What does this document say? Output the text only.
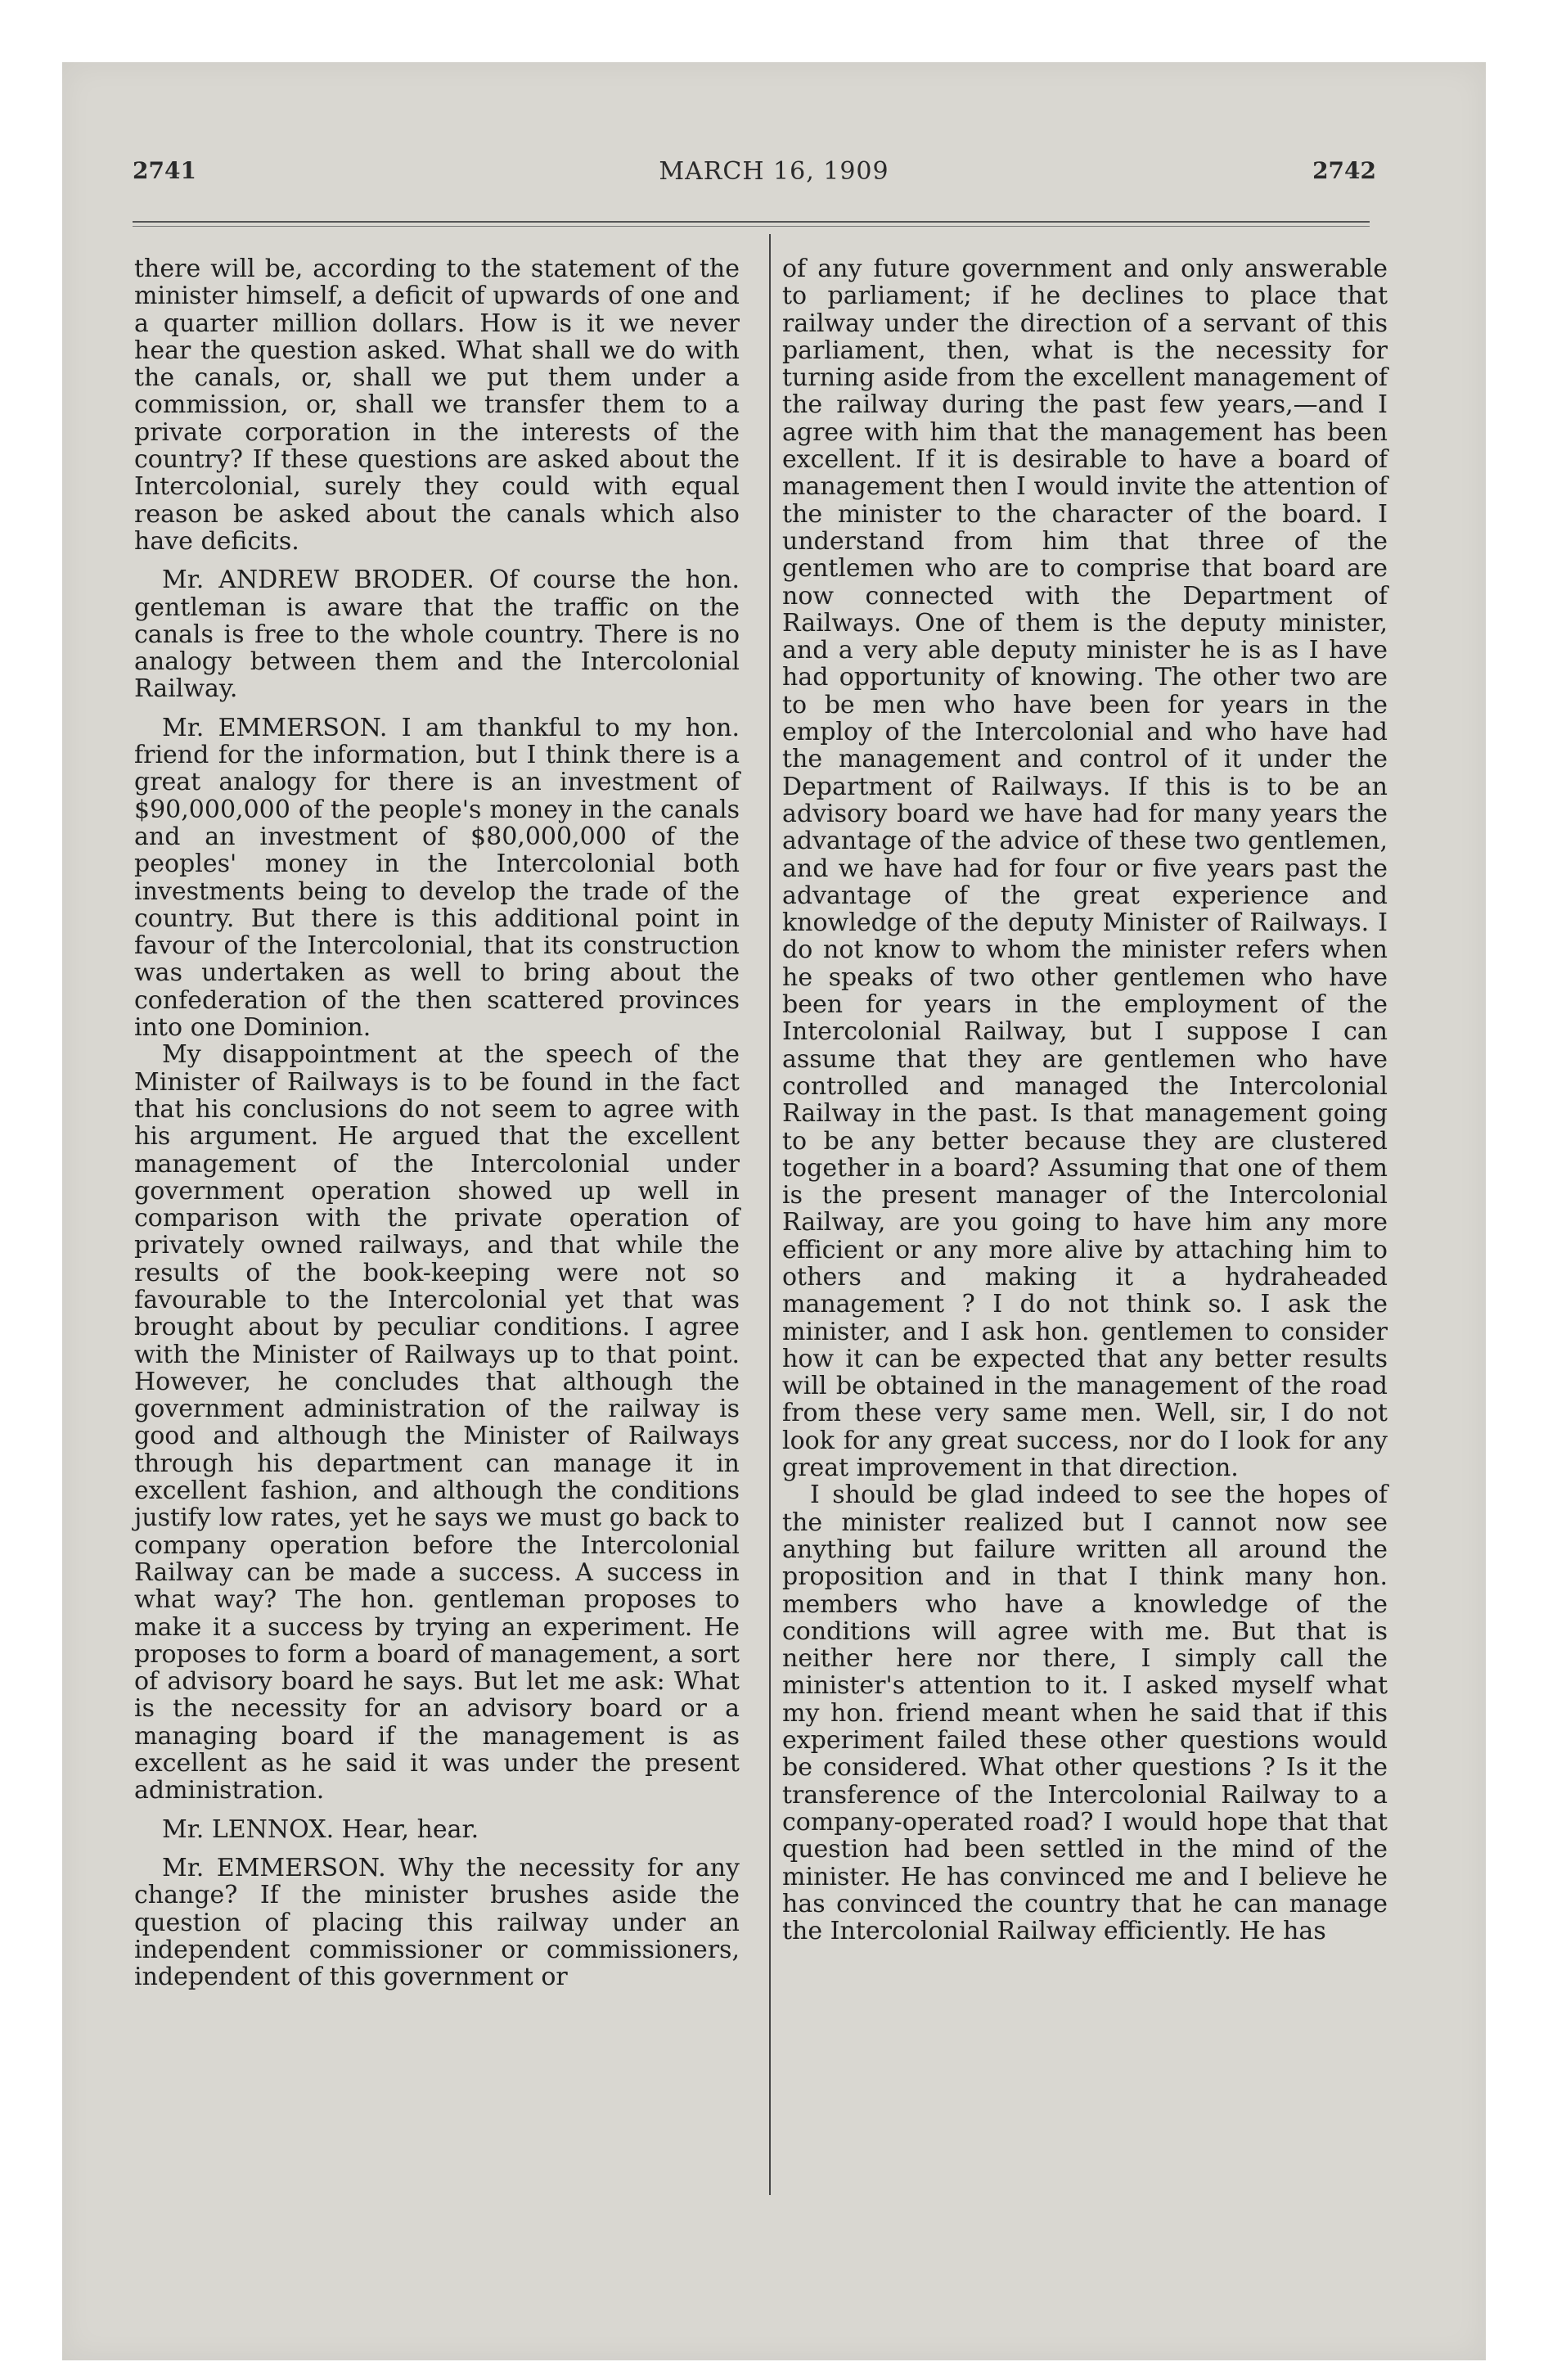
2741	MARCH 16, 1909	2742

there will be, according to the statement of the minister himself, a deficit of upwards of one and a quarter million dollars. How is it we never hear the question asked. What shall we do with the canals, or, shall we put them under a commission, or, shall we transfer them to a private corporation in the interests of the country? If these questions are asked about the Intercolonial, surely they could with equal reason be asked about the canals which also have deficits.

Mr. ANDREW BRODER. Of course the hon. gentleman is aware that the traffic on the canals is free to the whole country. There is no analogy between them and the Intercolonial Railway.

Mr. EMMERSON. I am thankful to my hon. friend for the information, but I think there is a great analogy for there is an investment of $90,000,000 of the people's money in the canals and an investment of $80,000,000 of the peoples' money in the Intercolonial both investments being to develop the trade of the country. But there is this additional point in favour of the Intercolonial, that its construction was undertaken as well to bring about the confederation of the then scattered provinces into one Dominion.

My disappointment at the speech of the Minister of Railways is to be found in the fact that his conclusions do not seem to agree with his argument. He argued that the excellent management of the Intercolonial under government operation showed up well in comparison with the private operation of privately owned railways, and that while the results of the book-keeping were not so favourable to the Intercolonial yet that was brought about by peculiar conditions. I agree with the Minister of Railways up to that point. However, he concludes that although the government administration of the railway is good and although the Minister of Railways through his department can manage it in excellent fashion, and although the conditions justify low rates, yet he says we must go back to company operation before the Intercolonial Railway can be made a success. A success in what way? The hon. gentleman proposes to make it a success by trying an experiment. He proposes to form a board of management, a sort of advisory board he says. But let me ask: What is the necessity for an advisory board or a managing board if the management is as excellent as he said it was under the present administration.

Mr. LENNOX. Hear, hear.

Mr. EMMERSON. Why the necessity for any change? If the minister brushes aside the question of placing this railway under an independent commissioner or commissioners, independent of this government or

of any future government and only answerable to parliament; if he declines to place that railway under the direction of a servant of this parliament, then, what is the necessity for turning aside from the excellent management of the railway during the past few years,—and I agree with him that the management has been excellent. If it is desirable to have a board of management then I would invite the attention of the minister to the character of the board. I understand from him that three of the gentlemen who are to comprise that board are now connected with the Department of Railways. One of them is the deputy minister, and a very able deputy minister he is as I have had opportunity of knowing. The other two are to be men who have been for years in the employ of the Intercolonial and who have had the management and control of it under the Department of Railways. If this is to be an advisory board we have had for many years the advantage of the advice of these two gentlemen, and we have had for four or five years past the advantage of the great experience and knowledge of the deputy Minister of Railways. I do not know to whom the minister refers when he speaks of two other gentlemen who have been for years in the employment of the Intercolonial Railway, but I suppose I can assume that they are gentlemen who have controlled and managed the Intercolonial Railway in the past. Is that management going to be any better because they are clustered together in a board? Assuming that one of them is the present manager of the Intercolonial Railway, are you going to have him any more efficient or any more alive by attaching him to others and making it a hydraheaded management ? I do not think so. I ask the minister, and I ask hon. gentlemen to consider how it can be expected that any better results will be obtained in the management of the road from these very same men. Well, sir, I do not look for any great success, nor do I look for any great improvement in that direction.

I should be glad indeed to see the hopes of the minister realized but I cannot now see anything but failure written all around the proposition and in that I think many hon. members who have a knowledge of the conditions will agree with me. But that is neither here nor there, I simply call the minister's attention to it. I asked myself what my hon. friend meant when he said that if this experiment failed these other questions would be considered. What other questions ? Is it the transference of the Intercolonial Railway to a company-operated road? I would hope that that question had been settled in the mind of the minister. He has convinced me and I believe he has convinced the country that he can manage the Intercolonial Railway efficiently. He has
